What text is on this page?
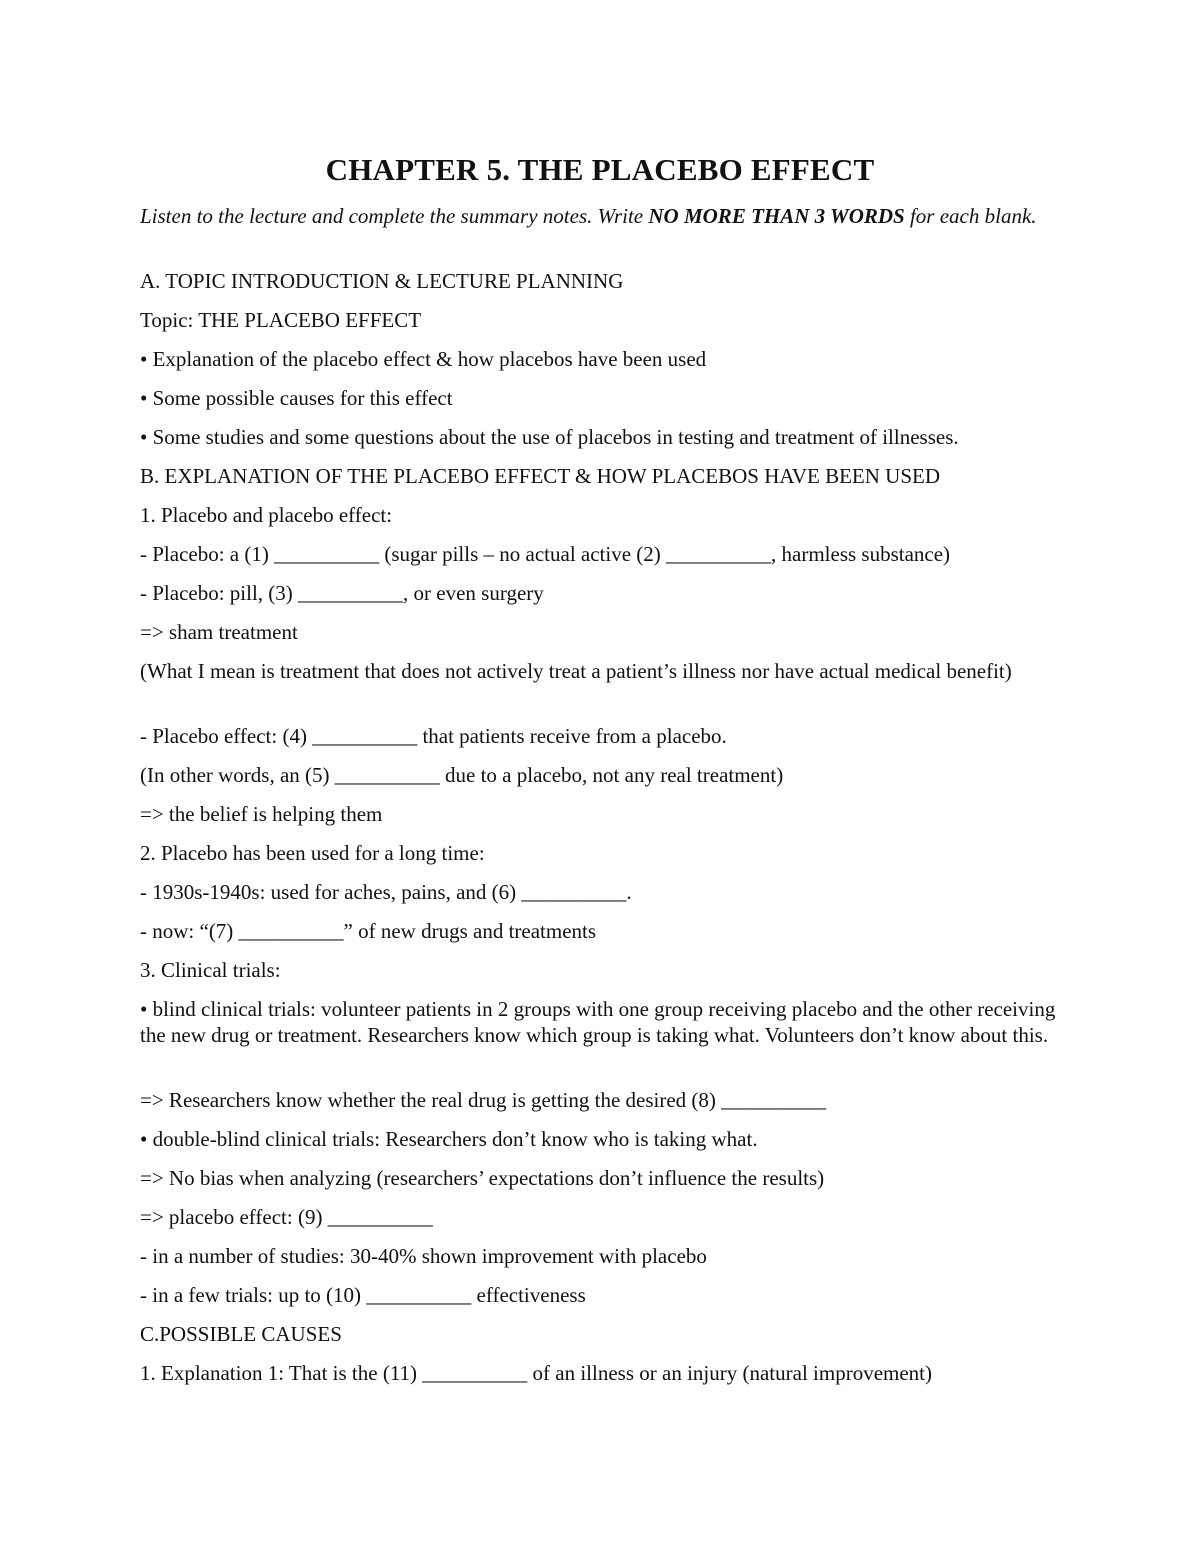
CHAPTER 5. THE PLACEBO EFFECT
Listen to the lecture and complete the summary notes. Write NO MORE THAN 3 WORDS for each blank.
A. TOPIC INTRODUCTION & LECTURE PLANNING
Topic: THE PLACEBO EFFECT
• Explanation of the placebo effect & how placebos have been used
• Some possible causes for this effect
• Some studies and some questions about the use of placebos in testing and treatment of illnesses.
B. EXPLANATION OF THE PLACEBO EFFECT & HOW PLACEBOS HAVE BEEN USED
1. Placebo and placebo effect:
- Placebo: a (1) __________ (sugar pills – no actual active (2) __________, harmless substance)
- Placebo: pill, (3) __________, or even surgery
=> sham treatment
(What I mean is treatment that does not actively treat a patient’s illness nor have actual medical benefit)
- Placebo effect: (4) __________ that patients receive from a placebo.
(In other words, an (5) __________ due to a placebo, not any real treatment)
=> the belief is helping them
2. Placebo has been used for a long time:
- 1930s-1940s: used for aches, pains, and (6) __________.
- now: “(7) __________” of new drugs and treatments
3. Clinical trials:
• blind clinical trials: volunteer patients in 2 groups with one group receiving placebo and the other receiving the new drug or treatment. Researchers know which group is taking what. Volunteers don’t know about this.
=> Researchers know whether the real drug is getting the desired (8) __________
• double-blind clinical trials: Researchers don’t know who is taking what.
=> No bias when analyzing (researchers’ expectations don’t influence the results)
=> placebo effect: (9) __________
- in a number of studies: 30-40% shown improvement with placebo
- in a few trials: up to (10) __________ effectiveness
C.POSSIBLE CAUSES
1. Explanation 1: That is the (11) __________ of an illness or an injury (natural improvement)
